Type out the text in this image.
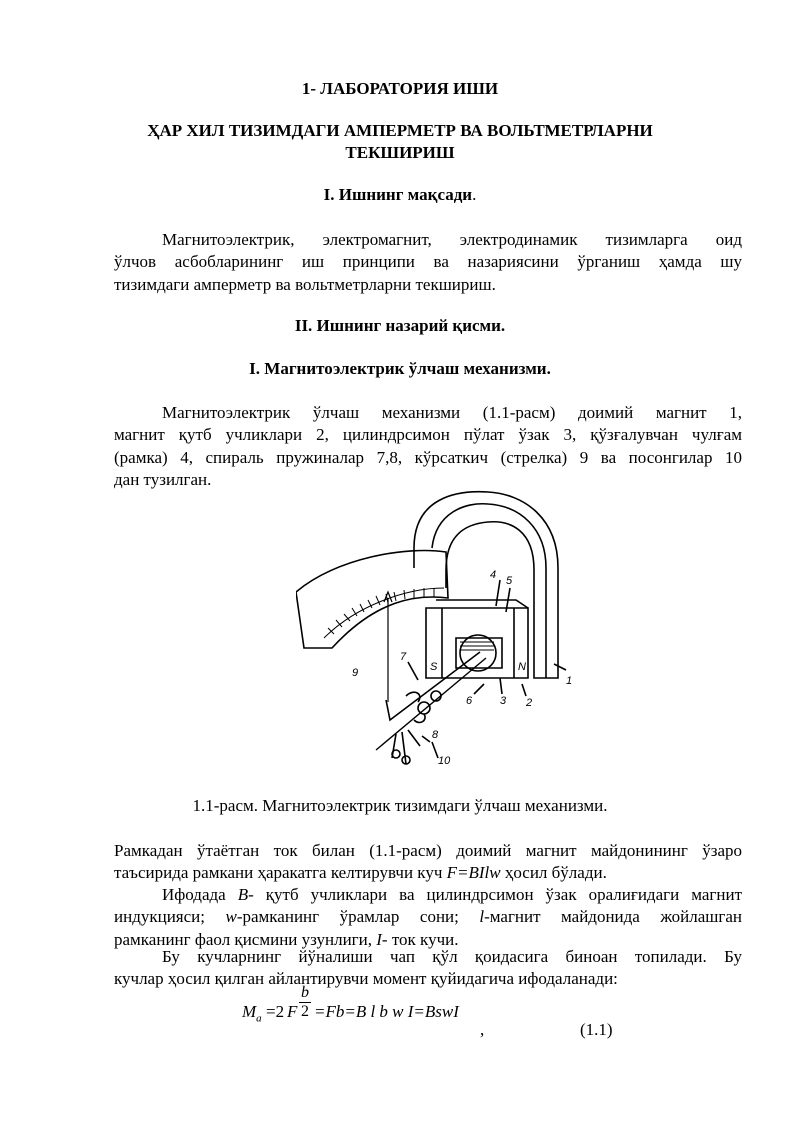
1- ЛАБОРАТОРИЯ ИШИ
ҲАР ХИЛ ТИЗИМДАГИ АМПЕРМЕТР ВА ВОЛЬТМЕТРЛАРНИ
ТЕКШИРИШ
I. Ишнинг мақсади.
Магнитоэлектрик, электромагнит, электродинамик тизимларга оид
ўлчов асбобларининг иш принципи ва назариясини ўрганиш ҳамда шу
тизимдаги амперметр ва вольтметрларни текшириш.
II. Ишнинг назарий қисми.
I. Магнитоэлектрик ўлчаш механизми.
Магнитоэлектрик ўлчаш механизми (1.1-расм) доимий магнит 1,
магнит қутб учликлари 2, цилиндрсимон пўлат ўзак 3, қўзғалувчан чулғам
(рамка) 4, спираль пружиналар 7,8, кўрсаткич (стрелка) 9 ва посонгилар 10
дан тузилган.
1
2
3
4 5
6
7
8
9
10
S	N
1.1-расм. Магнитоэлектрик тизимдаги ўлчаш механизми.
Рамкадан ўтаётган ток билан (1.1-расм) доимий магнит майдонининг ўзаро
таъсирида рамкани ҳаракатга келтирувчи куч F=BIlw ҳосил бўлади.
Ифодада B- қутб учликлари ва цилиндрсимон ўзак оралиғидаги магнит
индукцияси; w-рамканинг ўрамлар сони; l-магнит майдонида жойлашган
рамканинг фаол қисмини узунлиги, I- ток кучи.
Бу кучларнинг йўналиши чап қўл қоидасига биноан топилади. Бу
кучлар ҳосил қилган айлантирувчи момент қуйидагича ифодаланади:
$M_a =2$ F
b
2 =Fb=B l b w I=BswI
,	(1.1)
